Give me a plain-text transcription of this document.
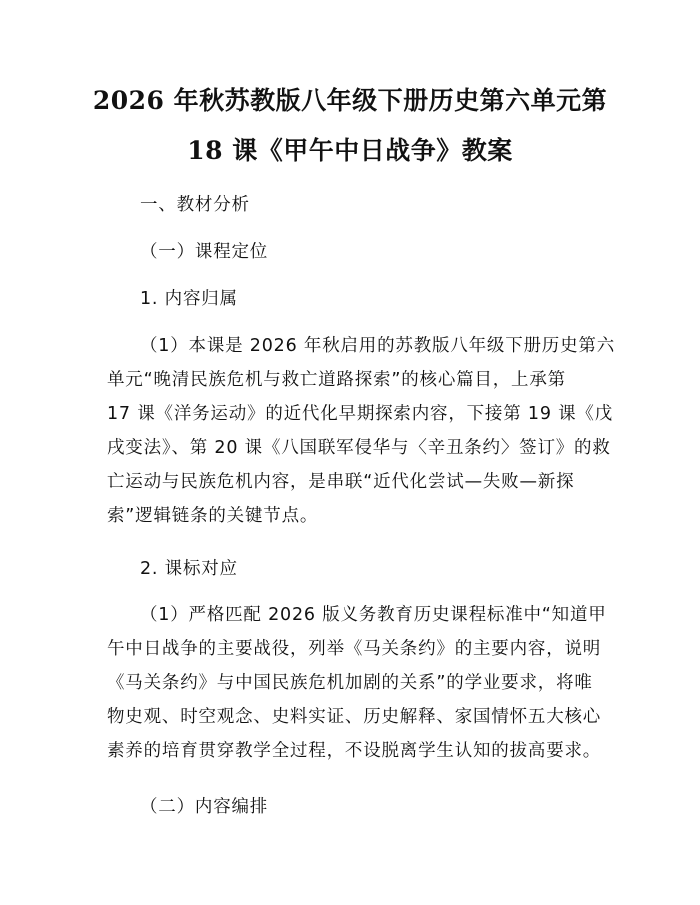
2026 年秋苏教版八年级下册历史第六单元第
18 课《甲午中日战争》教案
一、教材分析
（一）课程定位
1. 内容归属
（1）本课是 2026 年秋启用的苏教版八年级下册历史第六
单元“晚清民族危机与救亡道路探索”的核心篇目，上承第
17 课《洋务运动》的近代化早期探索内容，下接第 19 课《戊
戌变法》、第 20 课《八国联军侵华与〈辛丑条约〉签订》的救
亡运动与民族危机内容，是串联“近代化尝试—失败—新探
索”逻辑链条的关键节点。
2. 课标对应
（1）严格匹配 2026 版义务教育历史课程标准中“知道甲
午中日战争的主要战役，列举《马关条约》的主要内容，说明
《马关条约》与中国民族危机加剧的关系”的学业要求，将唯
物史观、时空观念、史料实证、历史解释、家国情怀五大核心
素养的培育贯穿教学全过程，不设脱离学生认知的拔高要求。
（二）内容编排
